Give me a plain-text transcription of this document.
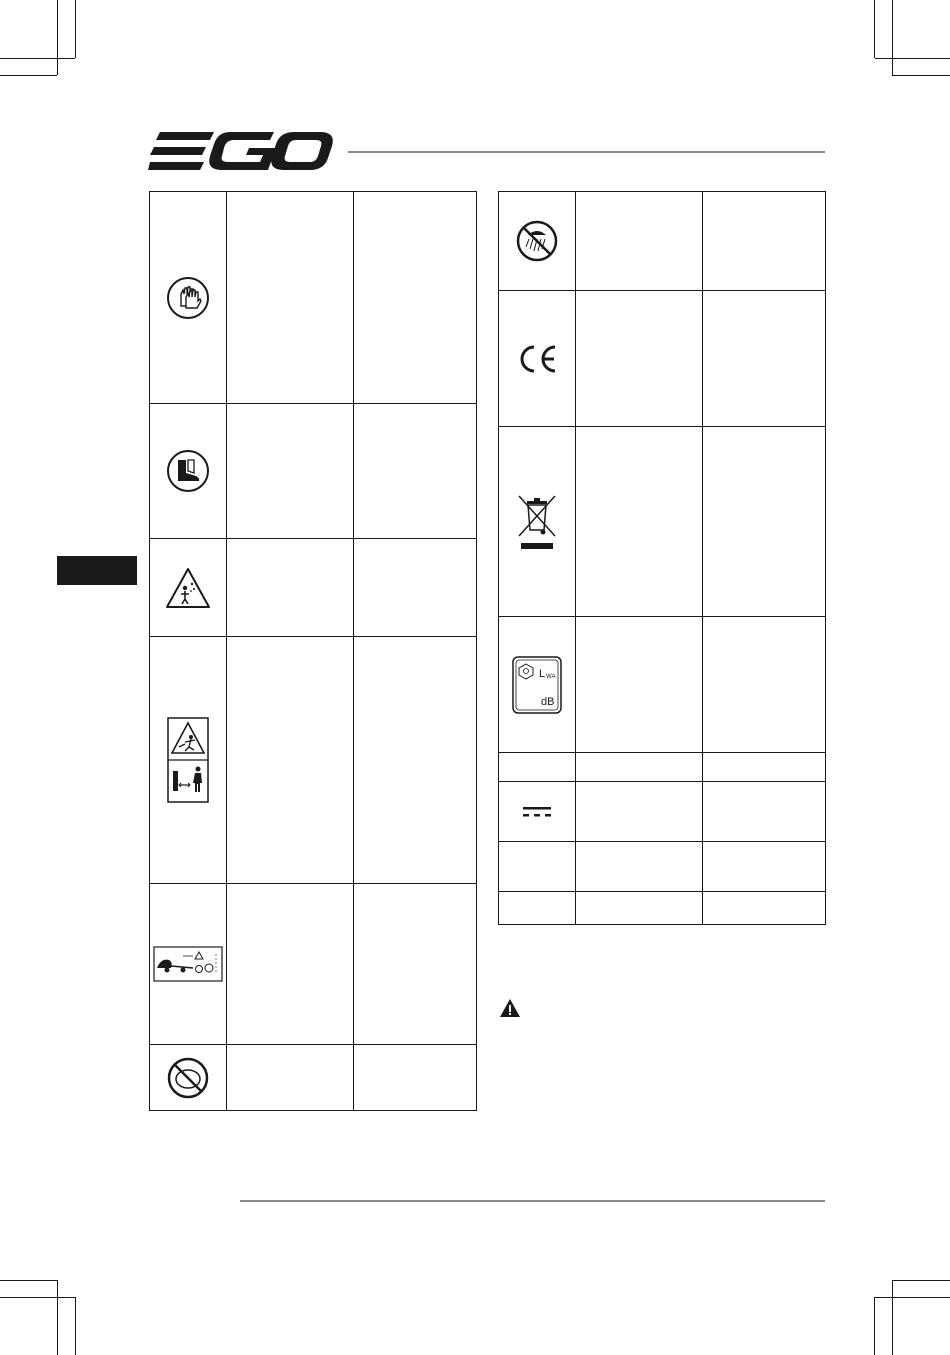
L WA
dB		
